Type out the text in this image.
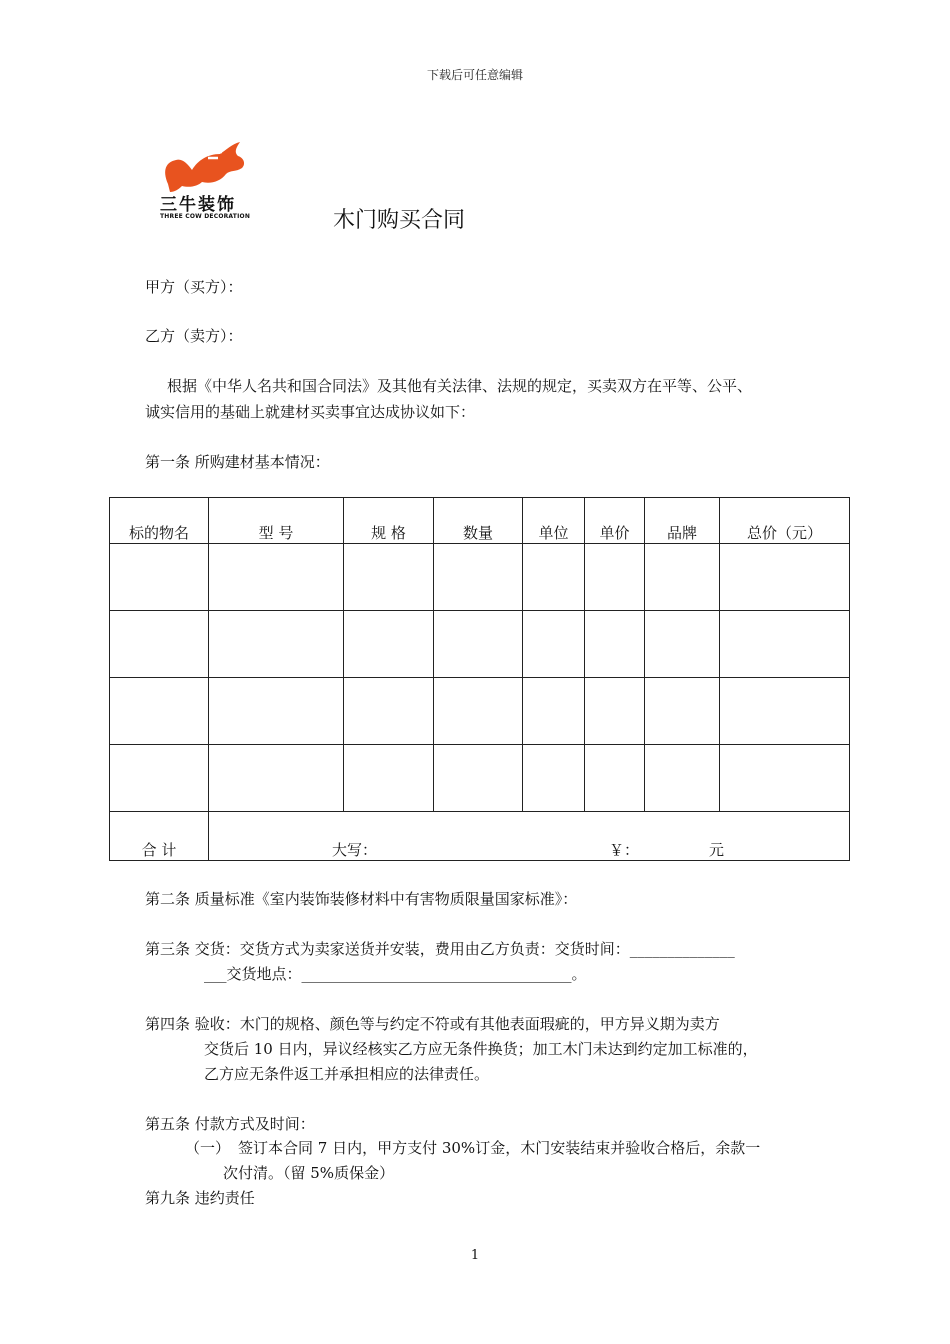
下载后可任意编辑
三牛装饰
THREE COW DECORATION	木门购买合同
甲方（买方）：
乙方（卖方）：
根据《中华人名共和国合同法》及其他有关法律、法规的规定，买卖双方在平等、公平、
诚实信用的基础上就建材买卖事宜达成协议如下：
第一条 所购建材基本情况：
标的物名	型 号	规 格	数量	单位	单价	品牌	总价（元）

合 计	大写： ￥： 元						
第二条 质量标准《室内装饰装修材料中有害物质限量国家标准》：
第三条 交货：交货方式为卖家送货并安装，费用由乙方负责：交货时间：______________
___交货地点：____________________________________。
第四条 验收：木门的规格、颜色等与约定不符或有其他表面瑕疵的，甲方异义期为卖方
交货后 10 日内，异议经核实乙方应无条件换货；加工木门未达到约定加工标准的，
乙方应无条件返工并承担相应的法律责任。
第五条 付款方式及时间：
（一） 签订本合同 7 日内，甲方支付 30%订金，木门安装结束并验收合格后，余款一
次付清。（留 5%质保金）
第九条 违约责任
1
